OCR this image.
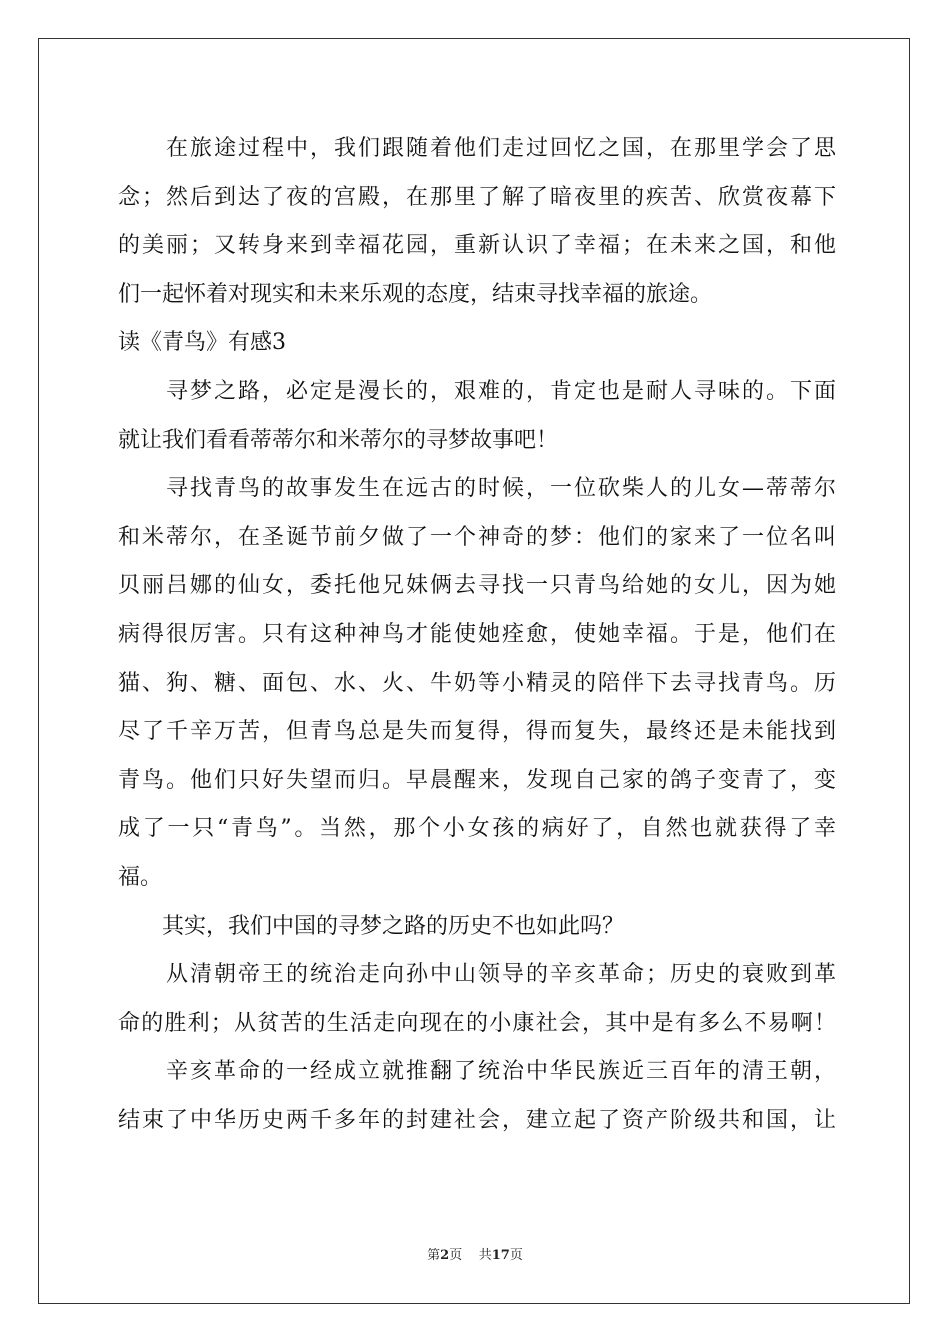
　　在旅途过程中，我们跟随着他们走过回忆之国，在那里学会了思
念；然后到达了夜的宫殿，在那里了解了暗夜里的疾苦、欣赏夜幕下
的美丽；又转身来到幸福花园，重新认识了幸福；在未来之国，和他
们一起怀着对现实和未来乐观的态度，结束寻找幸福的旅途。
读《青鸟》有感3
　　寻梦之路，必定是漫长的，艰难的，肯定也是耐人寻味的。下面
就让我们看看蒂蒂尔和米蒂尔的寻梦故事吧！
　　寻找青鸟的故事发生在远古的时候，一位砍柴人的儿女—蒂蒂尔
和米蒂尔，在圣诞节前夕做了一个神奇的梦：他们的家来了一位名叫
贝丽吕娜的仙女，委托他兄妹俩去寻找一只青鸟给她的女儿，因为她
病得很厉害。只有这种神鸟才能使她痊愈，使她幸福。于是，他们在
猫、狗、糖、面包、水、火、牛奶等小精灵的陪伴下去寻找青鸟。历
尽了千辛万苦，但青鸟总是失而复得，得而复失，最终还是未能找到
青鸟。他们只好失望而归。早晨醒来，发现自己家的鸽子变青了，变
成了一只“青鸟”。当然，那个小女孩的病好了，自然也就获得了幸
福。
　　其实，我们中国的寻梦之路的历史不也如此吗？
　　从清朝帝王的统治走向孙中山领导的辛亥革命；历史的衰败到革
命的胜利；从贫苦的生活走向现在的小康社会，其中是有多么不易啊！
　　辛亥革命的一经成立就推翻了统治中华民族近三百年的清王朝，
结束了中华历史两千多年的封建社会，建立起了资产阶级共和国，让
第2页 共17页
